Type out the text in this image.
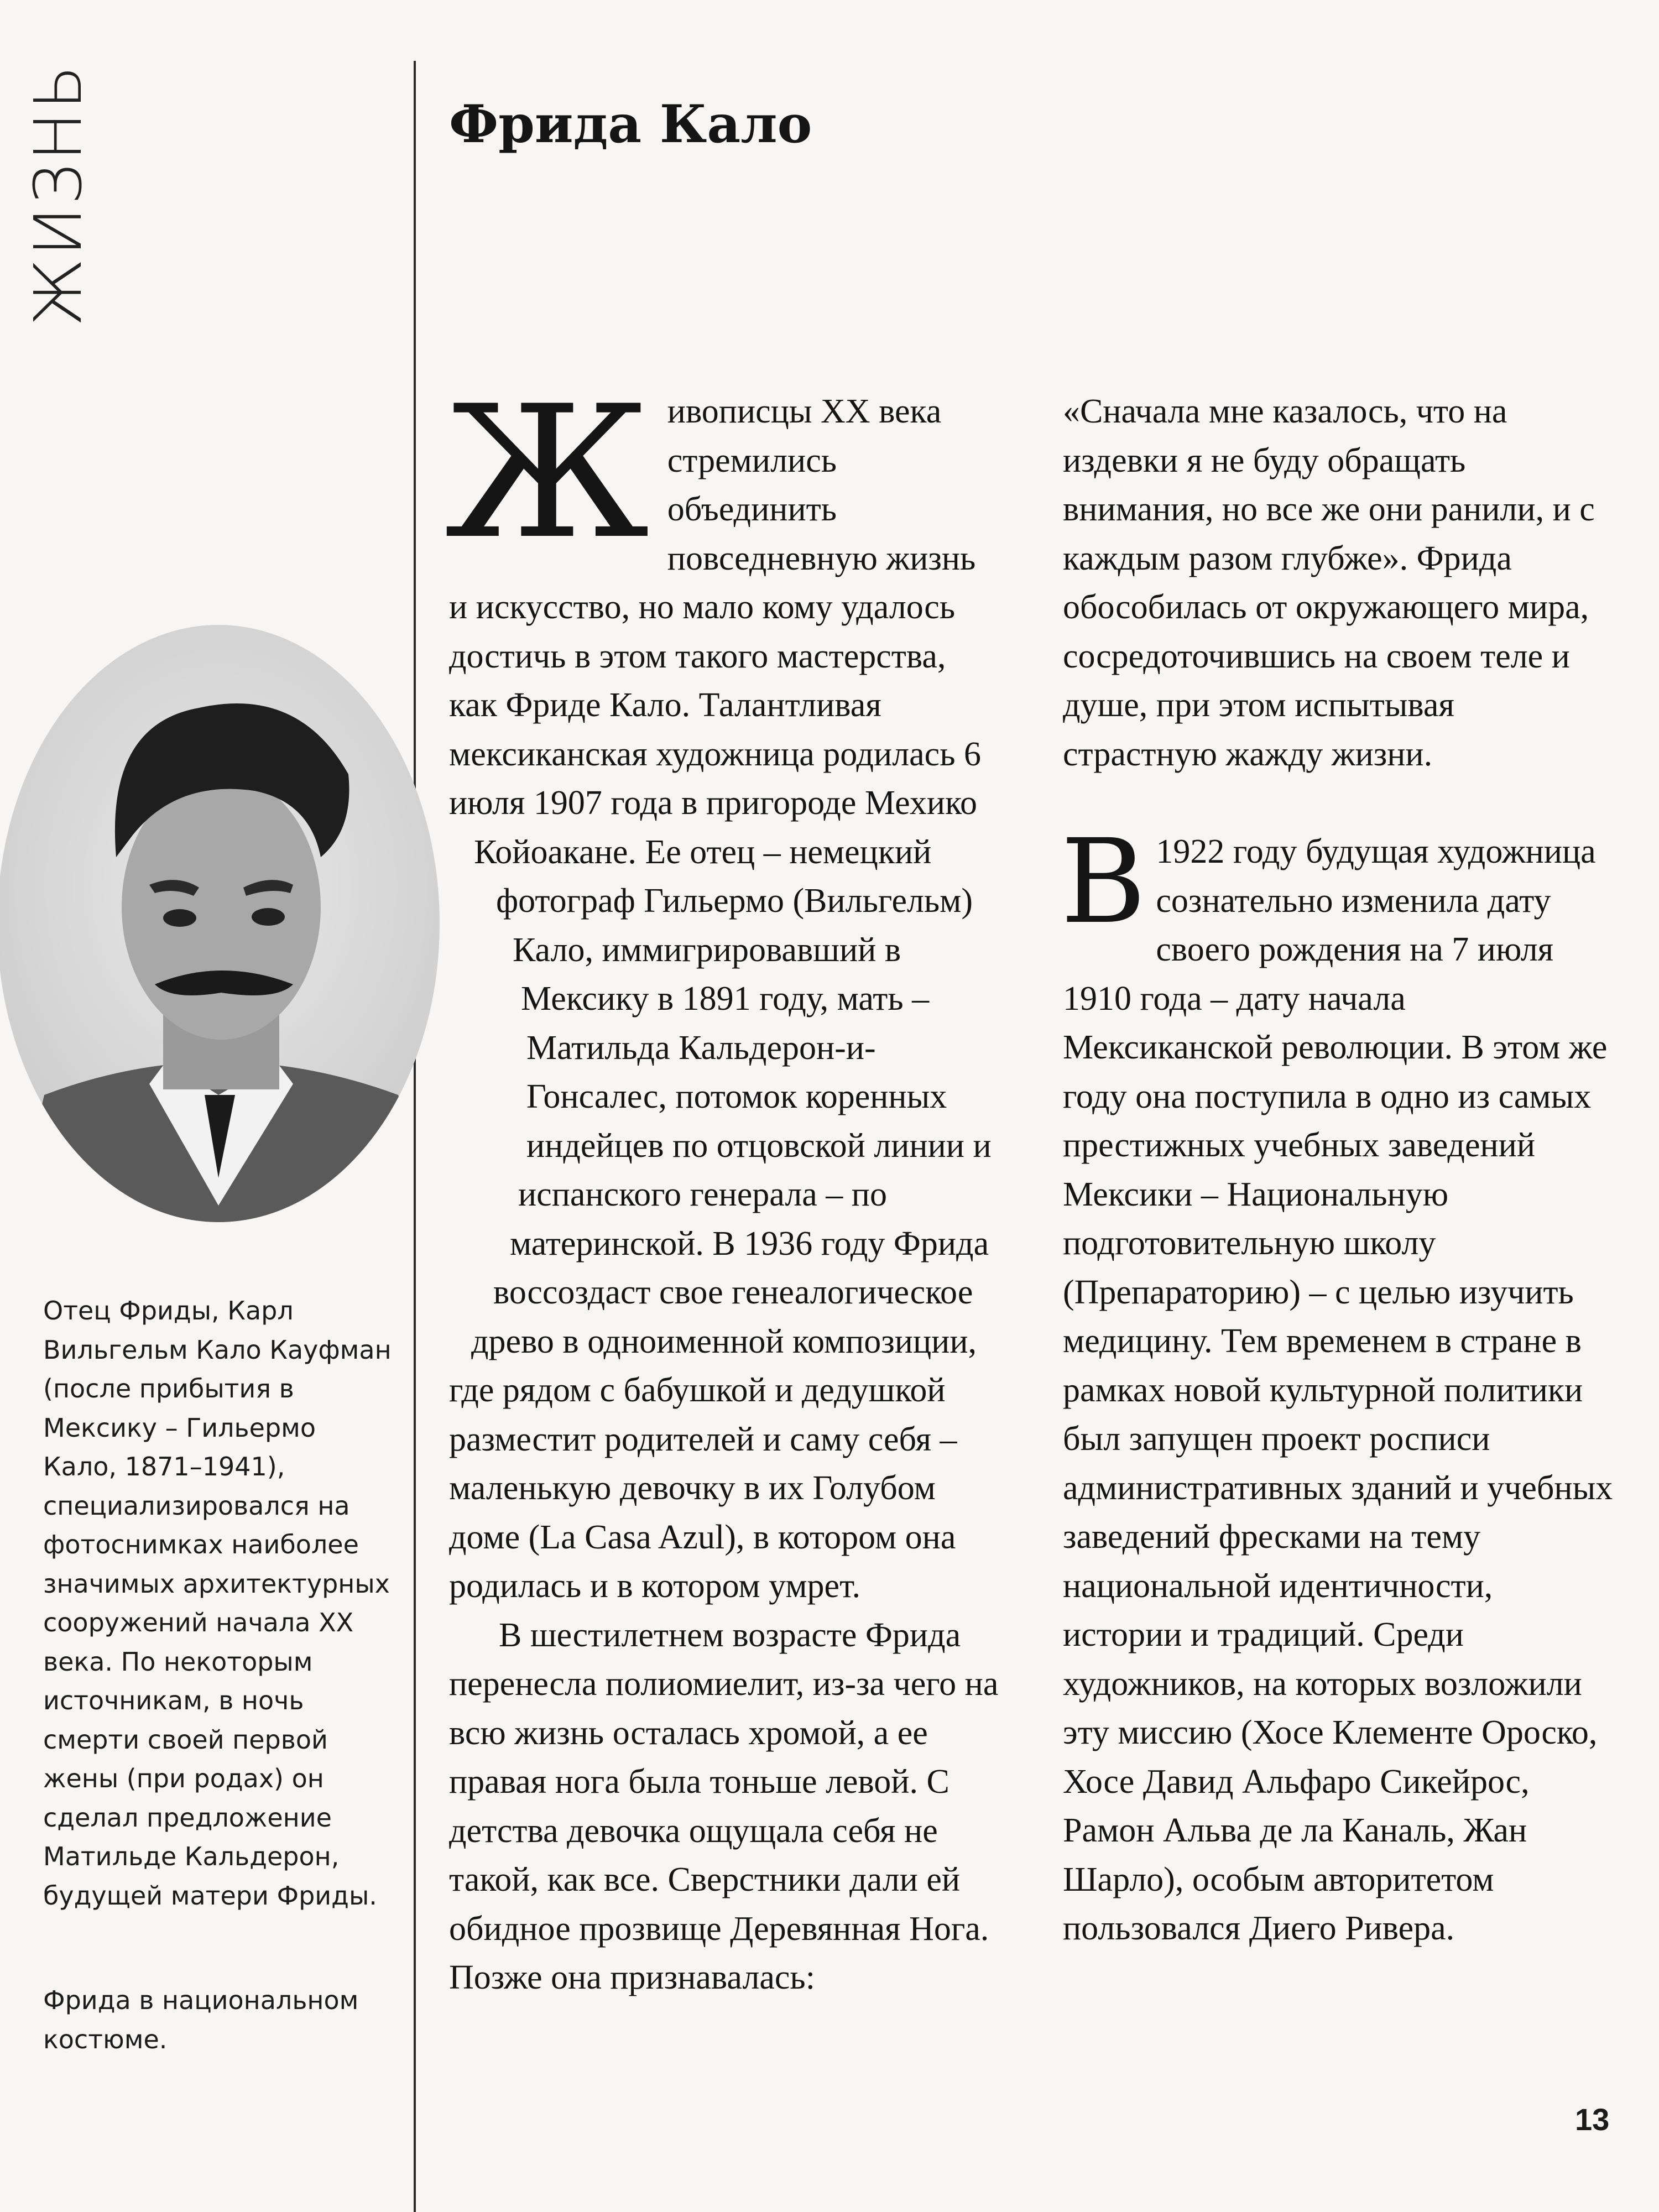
ЖИЗНЬ	Фрида Кало
Отец Фриды, Карл Вильгельм Кало Кауфман (после прибытия в Мексику – Гильермо Кало, 1871–1941), специализировался на фотоснимках наиболее значимых архитектурных сооружений начала XX века. По некоторым источникам, в ночь смерти своей первой жены (при родах) он сделал предложение Матильде Кальдерон, будущей матери Фриды.
Фрида в национальном костюме.
Ж ивописцы XX века стремились объединить повседневную жизнь и искусство, но мало кому удалось достичь в этом такого мастерства, как Фриде Кало. Талантливая мексиканская художница родилась 6 июля 1907 года в пригороде Мехико Койоакане. Ее отец – немецкий фотограф Гильермо (Вильгельм) Кало, иммигрировавший в Мексику в 1891 году, мать – Матильда Кальдерон-и-Гонсалес, потомок коренных индейцев по отцовской линии и испанского генерала – по материнской. В 1936 году Фрида воссоздаст свое генеалогическое древо в одноименной композиции, где рядом с бабушкой и дедушкой разместит родителей и саму себя – маленькую девочку в их Голубом доме (La Casa Azul), в котором она родилась и в котором умрет.

В шестилетнем возрасте Фрида перенесла полиомиелит, из-за чего на всю жизнь осталась хромой, а ее правая нога была тоньше левой. С детства девочка ощущала себя не такой, как все. Сверстники дали ей обидное прозвище Деревянная Нога. Позже она признавалась:

«Сначала мне казалось, что на издевки я не буду обращать внимания, но все же они ранили, и с каждым разом глубже». Фрида обособилась от окружающего мира, сосредоточившись на своем теле и душе, при этом испытывая страстную жажду жизни.

В 1922 году будущая художница сознательно изменила дату своего рождения на 7 июля 1910 года – дату начала Мексиканской революции. В этом же году она поступила в одно из самых престижных учебных заведений Мексики – Национальную подготовительную школу (Препараторию) – с целью изучить медицину. Тем временем в стране в рамках новой культурной политики был запущен проект росписи административных зданий и учебных заведений фресками на тему национальной идентичности, истории и традиций. Среди художников, на которых возложили эту миссию (Хосе Клементе Ороско, Хосе Давид Альфаро Сикейрос, Рамон Альва де ла Каналь, Жан Шарло), особым авторитетом пользовался Диего Ривера.

13
